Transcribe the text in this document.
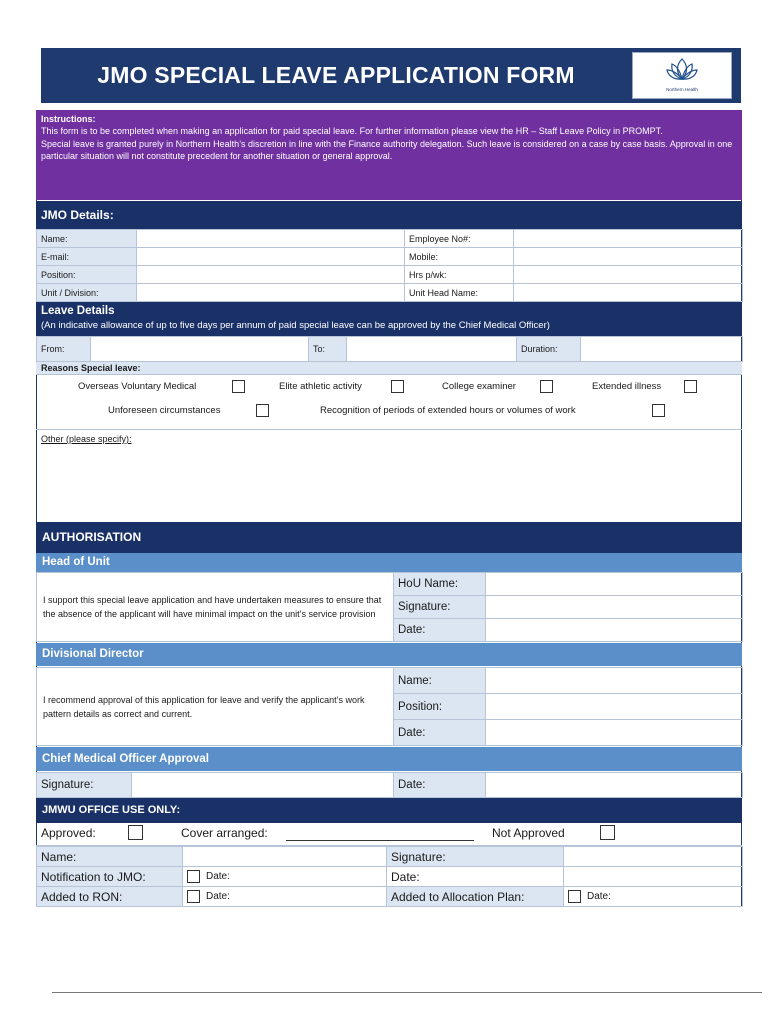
JMO SPECIAL LEAVE APPLICATION FORM
Northern Health
Instructions:
This form is to be completed when making an application for paid special leave. For further information please view the HR – Staff Leave Policy in PROMPT.
Special leave is granted purely in Northern Health’s discretion in line with the Finance authority delegation. Such leave is considered on a case by case basis. Approval in one particular situation will not constitute precedent for another situation or general approval.
JMO Details:
Name:		Employee No#:	
E-mail:		Mobile:	
Position:		Hrs p/wk:	
Unit / Division:		Unit Head Name:	
Leave Details
(An indicative allowance of up to five days per annum of paid special leave can be approved by the Chief Medical Officer)
From:		To:		Duration:	
Reasons Special leave:
Overseas Voluntary Medical	Elite athletic activity	College examiner	Extended illness
Unforeseen circumstances	Recognition of periods of extended hours or volumes of work
Other (please specify):
AUTHORISATION
Head of Unit
I support this special leave application and have undertaken measures to ensure that the absence of the applicant will have minimal impact on the unit’s service provision	HoU Name:	
	Signature:	
	Date:	
Divisional Director
I recommend approval of this application for leave and verify the applicant’s work pattern details as correct and current.	Name:	
	Position:	
	Date:	
Chief Medical Officer Approval
Signature:		Date:	
JMWU OFFICE USE ONLY:
Approved:	Cover arranged:	Not Approved
Name:		Signature:	
Notification to JMO:	Date:	Date:	
Added to RON:	Date:	Added to Allocation Plan:	Date:
